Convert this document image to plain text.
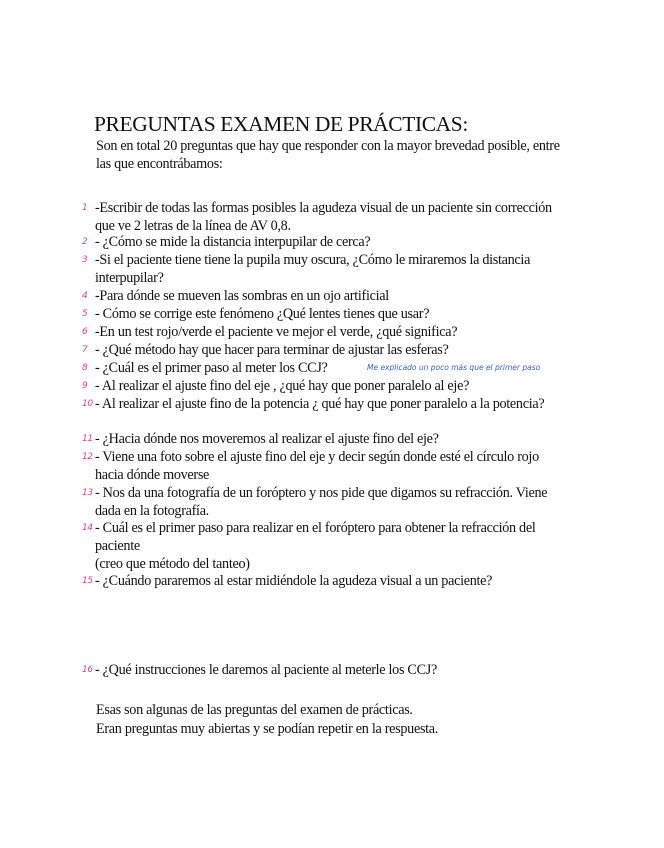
PREGUNTAS EXAMEN DE PRÁCTICAS:
Son en total 20 preguntas que hay que responder con la mayor brevedad posible, entre las que encontrábamos:
1 -Escribir de todas las formas posibles la agudeza visual de un paciente sin corrección que ve 2 letras de la línea de AV 0,8.
2 - ¿Cómo se mide la distancia interpupilar de cerca?
3 -Si el paciente tiene tiene la pupila muy oscura, ¿Cómo le miraremos la distancia interpupilar?
4 -Para dónde se mueven las sombras en un ojo artificial
5 - Cómo se corrige este fenómeno ¿Qué lentes tienes que usar?
6 -En un test rojo/verde el paciente ve mejor el verde, ¿qué significa?
7 - ¿Qué método hay que hacer para terminar de ajustar las esferas?
8 - ¿Cuál es el primer paso al meter los CCJ?
9 - Al realizar el ajuste fino del eje , ¿qué hay que poner paralelo al eje?
10 - Al realizar el ajuste fino de la potencia ¿ qué hay que poner paralelo a la potencia?
11 - ¿Hacia dónde nos moveremos al realizar el ajuste fino del eje?
12 - Viene una foto sobre el ajuste fino del eje y decir según donde esté el círculo rojo hacia dónde moverse
13 - Nos da una fotografía de un foróptero y nos pide que digamos su refracción. Viene dada en la fotografía.
14 - Cuál es el primer paso para realizar en el foróptero para obtener la refracción del paciente
(creo que método del tanteo)
15 - ¿Cuándo pararemos al estar midiéndole la agudeza visual a un paciente?
16 - ¿Qué instrucciones le daremos al paciente al meterle los CCJ?
Me explicado un poco más que el primer paso
Esas son algunas de las preguntas del examen de prácticas.
Eran preguntas muy abiertas y se podían repetir en la respuesta.
